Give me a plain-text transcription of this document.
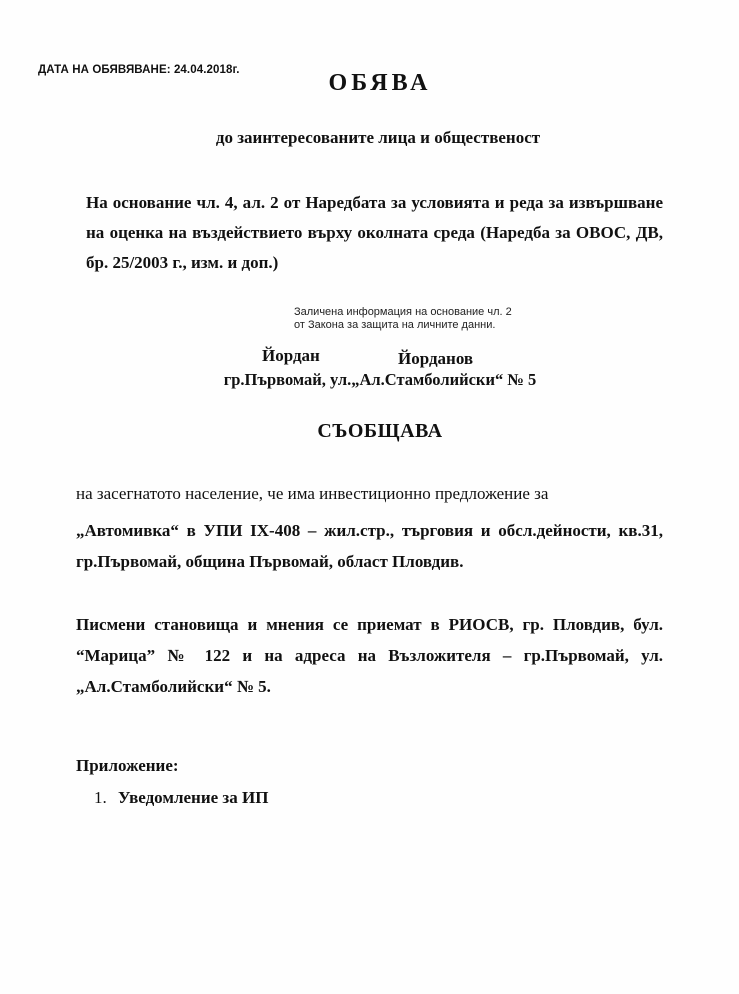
ДАТА НА ОБЯВЯВАНЕ: 24.04.2018г.	ОБЯВА
до заинтересованите лица и общественост
На основание чл. 4, ал. 2 от Наредбата за условията и реда за извършване на оценка на въздействието върху околната среда (Наредба за ОВОС, ДВ, бр. 25/2003 г., изм. и доп.)
Заличена информация на основание чл. 2
от Закона за защита на личните данни.
Йордан	Йорданов
гр.Първомай, ул.„Ал.Стамболийски“ № 5
СЪОБЩАВА
на засегнатото население, че има инвестиционно предложение за
„Автомивка“ в УПИ IX-408 – жил.стр., търговия и обсл.дейности, кв.31, гр.Първомай, община Първомай, област Пловдив.
Писмени становища и мнения се приемат в РИОСВ, гр. Пловдив, бул. “Марица” № 122 и на адреса на Възложителя – гр.Първомай, ул.„Ал.Стамболийски“ № 5.
Приложение:
1. Уведомление за ИП
